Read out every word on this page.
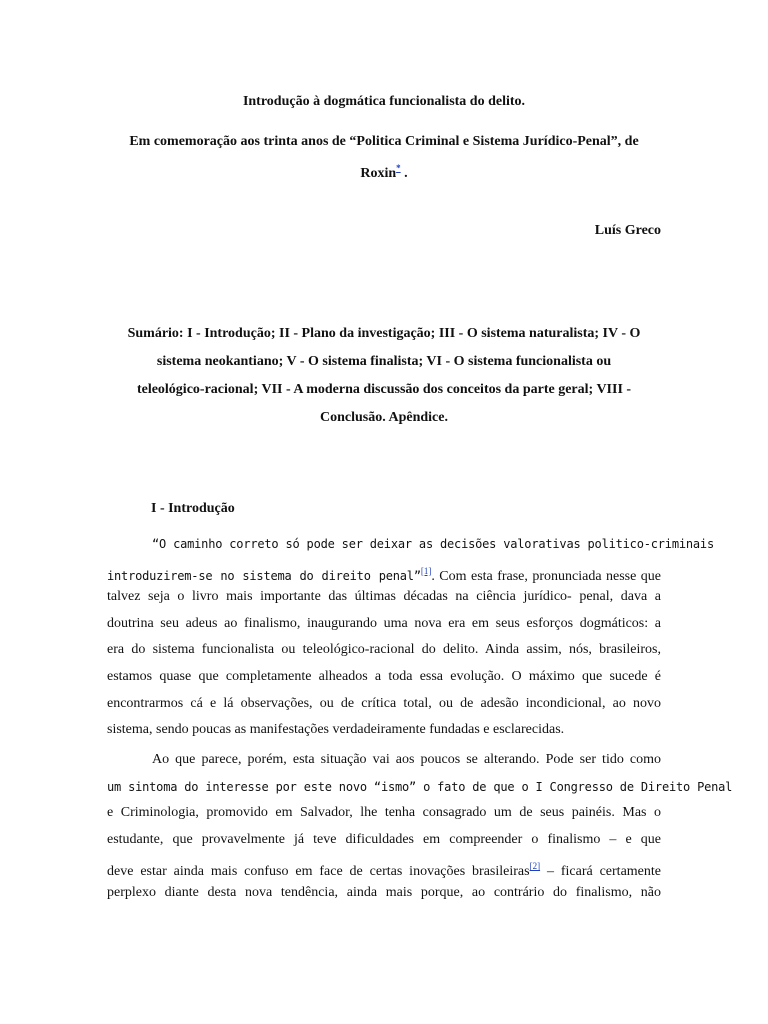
Introdução à dogmática funcionalista do delito.
Em comemoração aos trinta anos de “Politica Criminal e Sistema Jurídico-Penal”, de
Roxin* .
Luís Greco
Sumário: I - Introdução; II - Plano da investigação; III - O sistema naturalista; IV - O
sistema neokantiano; V - O sistema finalista; VI - O sistema funcionalista ou
teleológico-racional; VII - A moderna discussão dos conceitos da parte geral; VIII -
Conclusão. Apêndice.
I - Introdução
“O caminho correto só pode ser deixar as decisões valorativas politico-criminais
introduzirem-se no sistema do direito penal”[1]. Com esta frase, pronunciada nesse que
talvez seja o livro mais importante das últimas décadas na ciência jurídico- penal, dava a
doutrina seu adeus ao finalismo, inaugurando uma nova era em seus esforços dogmáticos: a
era do sistema funcionalista ou teleológico-racional do delito. Ainda assim, nós, brasileiros,
estamos quase que completamente alheados a toda essa evolução. O máximo que sucede é
encontrarmos cá e lá observações, ou de crítica total, ou de adesão incondicional, ao novo
sistema, sendo poucas as manifestações verdadeiramente fundadas e esclarecidas.
Ao que parece, porém, esta situação vai aos poucos se alterando. Pode ser tido como
um sintoma do interesse por este novo “ismo” o fato de que o I Congresso de Direito Penal
e Criminologia, promovido em Salvador, lhe tenha consagrado um de seus painéis. Mas o
estudante, que provavelmente já teve dificuldades em compreender o finalismo – e que
deve estar ainda mais confuso em face de certas inovações brasileiras[2] – ficará certamente
perplexo diante desta nova tendência, ainda mais porque, ao contrário do finalismo, não
